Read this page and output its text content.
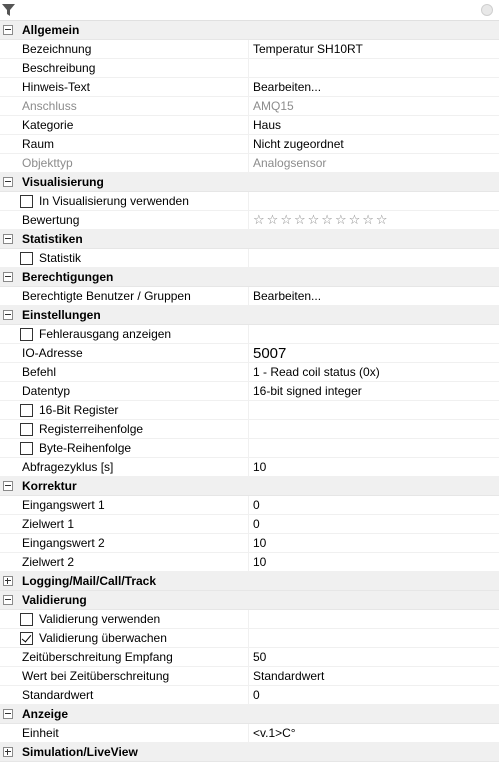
Allgemein
Bezeichnung	Temperatur SH10RT
Beschreibung
Hinweis-Text	Bearbeiten...
Anschluss	AMQ15
Kategorie	Haus
Raum	Nicht zugeordnet
Objekttyp	Analogsensor
Visualisierung
In Visualisierung verwenden
Bewertung	☆ ☆ ☆ ☆ ☆ ☆ ☆ ☆ ☆ ☆
Statistiken
Statistik
Berechtigungen
Berechtigte Benutzer / Gruppen	Bearbeiten...
Einstellungen
Fehlerausgang anzeigen
IO-Adresse	5007
Befehl	1 - Read coil status (0x)
Datentyp	16-bit signed integer
16-Bit Register
Registerreihenfolge
Byte-Reihenfolge
Abfragezyklus [s]	10
Korrektur
Eingangswert 1	0
Zielwert 1	0
Eingangswert 2	10
Zielwert 2	10
Logging/Mail/Call/Track
Validierung
Validierung verwenden
Validierung überwachen
Zeitüberschreitung Empfang	50
Wert bei Zeitüberschreitung	Standardwert
Standardwert	0
Anzeige
Einheit	<v.1>C°
Simulation/LiveView
